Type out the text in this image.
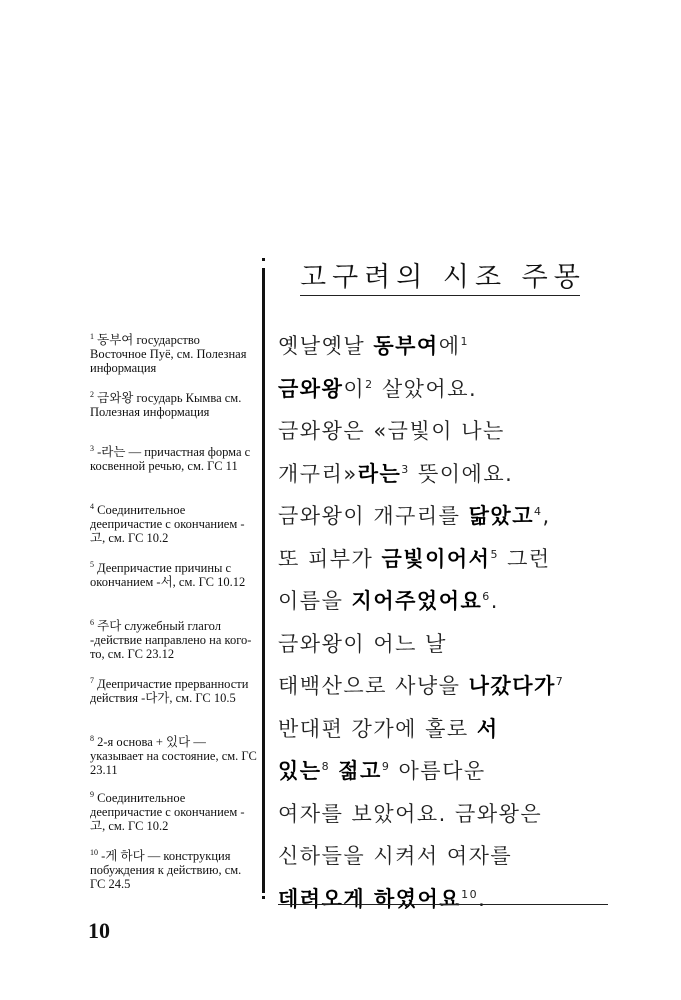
고구려의 시조 주몽
$^1$ 동부여 государство Восточное Пуё, см. Полезная информация
$^2$ 금와왕 государь Кымва см. Полезная информация
$^3$ -라는 — причастная форма с косвенной речью, см. ГС 11
$^4$ Соединительное деепричастие с окончанием -고, см. ГС 10.2
$^5$ Деепричастие причины с окончанием -서, см. ГС 10.12
$^6$ 주다 служебный глагол -действие направлено на кого-то, см. ГС 23.12
$^7$ Деепричастие прерванности действия -다가, см. ГС 10.5
$^8$ 2-я основа + 있다 — указывает на состояние, см. ГС 23.11
$^9$ Соединительное деепричастие с окончанием -고, см. ГС 10.2
$^{10}$ -게 하다 — конструкция побуждения к действию, см. ГС 24.5
옛날옛날 동부여에$^1$
금와왕이$^2$ 살았어요.
금와왕은 «금빛이 나는
개구리»라는$^3$ 뜻이에요.
금와왕이 개구리를 닮았고$^4$,
또 피부가 금빛이어서$^5$ 그런
이름을 지어주었어요$^6$.
금와왕이 어느 날
태백산으로 사냥을 나갔다가$^7$
반대편 강가에 홀로 서
있는$^8$ 젊고$^9$ 아름다운
여자를 보았어요. 금와왕은
신하들을 시켜서 여자를
데려오게 하였어요$^{10}$.
10
